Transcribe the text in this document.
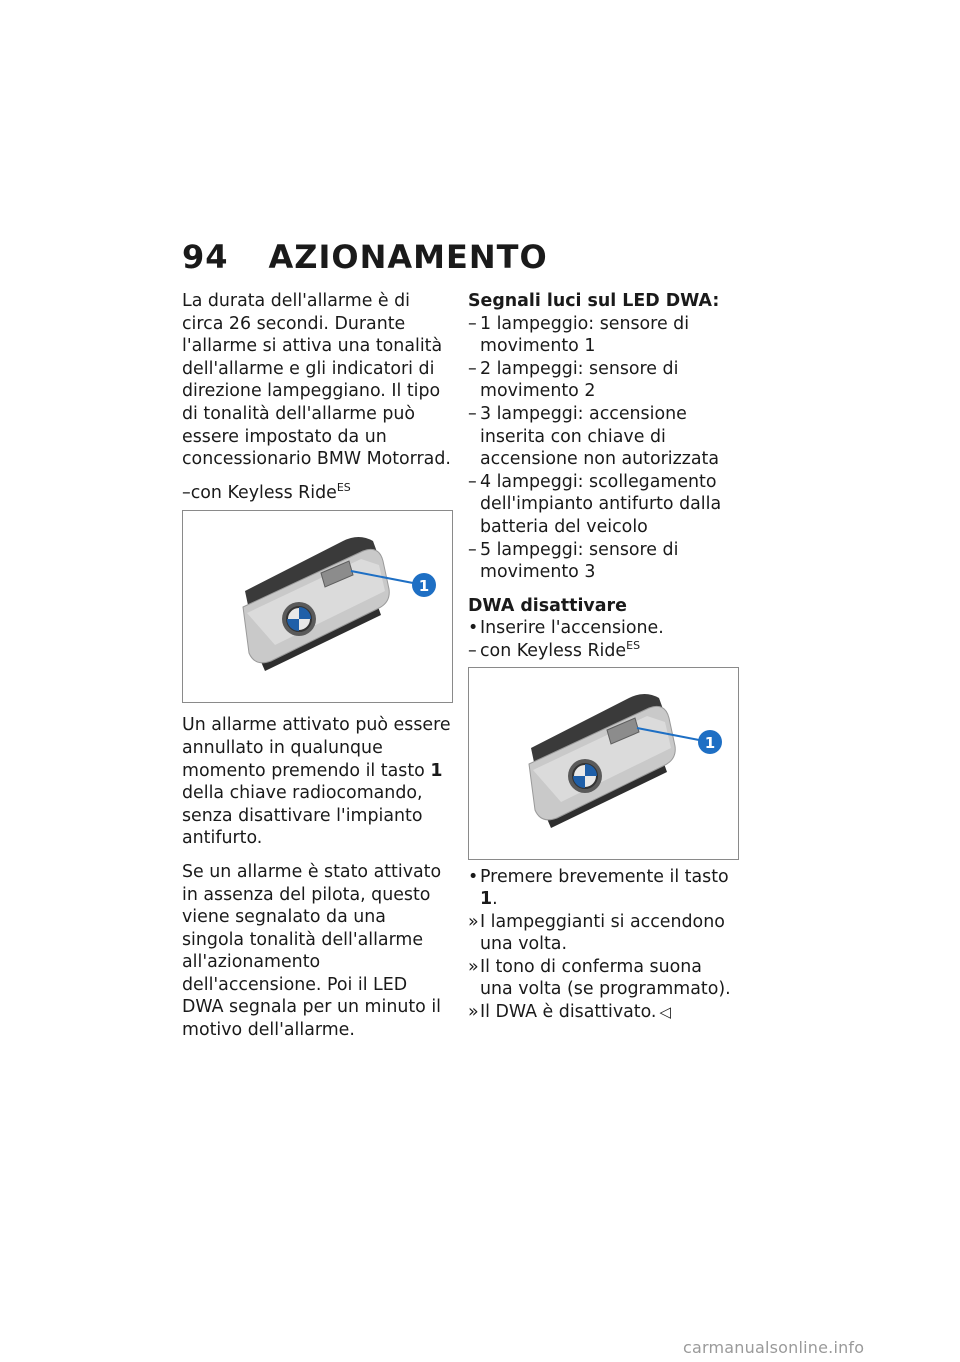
94 AZIONAMENTO

La durata dell'allarme è di circa 26 secondi. Durante l'allarme si attiva una tonalità dell'allarme e gli indicatori di direzione lampeggiano. Il tipo di tonalità dell'allarme può essere impostato da un concessionario BMW Motorrad.

–con Keyless Ride$^{ES}$

1

Un allarme attivato può essere annullato in qualunque momento premendo il tasto 1 della chiave radiocomando, senza disattivare l'impianto antifurto.

Se un allarme è stato attivato in assenza del pilota, questo viene segnalato da una singola tonalità dell'allarme all'azionamento dell'accensione. Poi il LED DWA segnala per un minuto il motivo dell'allarme.

Segnali luci sul LED DWA:

– 1 lampeggio: sensore di movimento 1

– 2 lampeggi: sensore di movimento 2

– 3 lampeggi: accensione inserita con chiave di accensione non autorizzata

– 4 lampeggi: scollegamento dell'impianto antifurto dalla batteria del veicolo

– 5 lampeggi: sensore di movimento 3

DWA disattivare

• Inserire l'accensione.

– con Keyless Ride$^{ES}$

1

• Premere brevemente il tasto 1.

» I lampeggianti si accendono una volta.

» Il tono di conferma suona una volta (se programmato).

» Il DWA è disattivato. ◁

carmanualsonline.info
